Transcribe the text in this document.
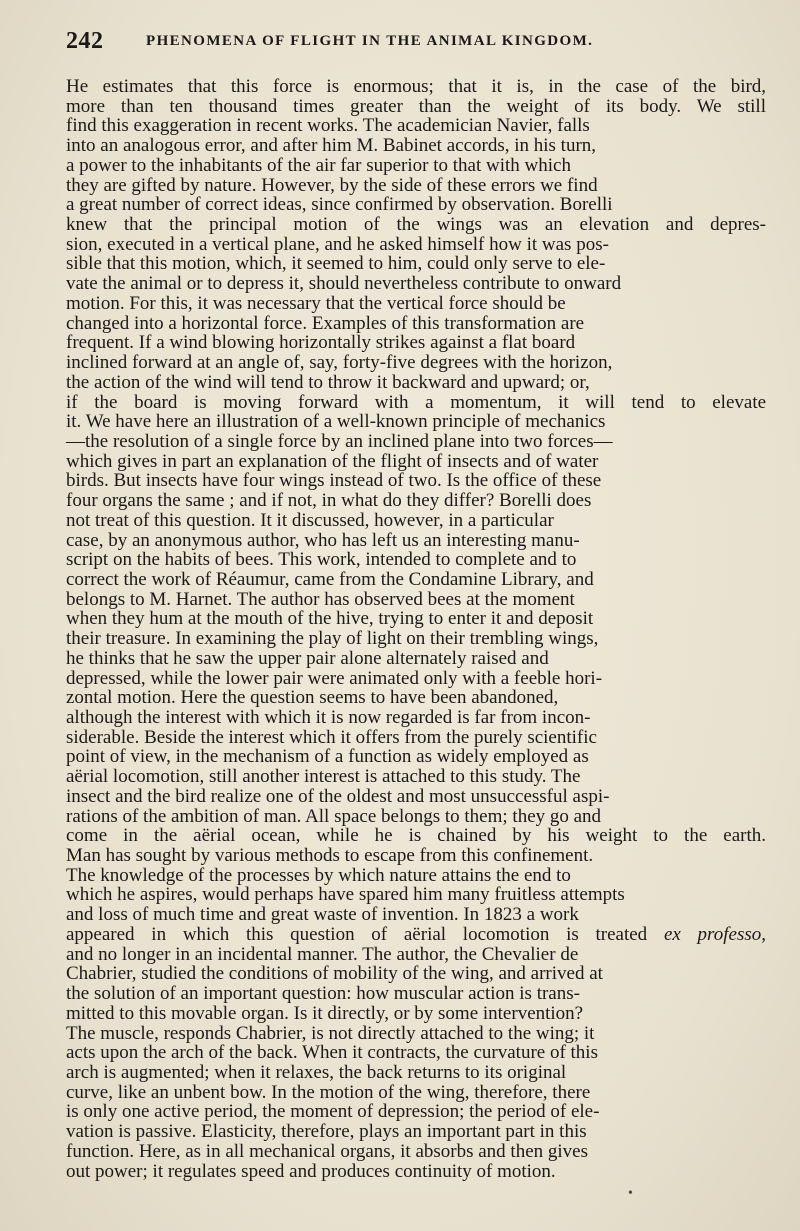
242	PHENOMENA OF FLIGHT IN THE ANIMAL KINGDOM.
He estimates that this force is enormous; that it is, in the case of the bird,
more than ten thousand times greater than the weight of its body. We still
find this exaggeration in recent works. The academician Navier, falls
into an analogous error, and after him M. Babinet accords, in his turn,
a power to the inhabitants of the air far superior to that with which
they are gifted by nature. However, by the side of these errors we find
a great number of correct ideas, since confirmed by observation. Borelli
knew that the principal motion of the wings was an elevation and depres-
sion, executed in a vertical plane, and he asked himself how it was pos-
sible that this motion, which, it seemed to him, could only serve to ele-
vate the animal or to depress it, should nevertheless contribute to onward
motion. For this, it was necessary that the vertical force should be
changed into a horizontal force. Examples of this transformation are
frequent. If a wind blowing horizontally strikes against a flat board
inclined forward at an angle of, say, forty-five degrees with the horizon,
the action of the wind will tend to throw it backward and upward; or,
if the board is moving forward with a momentum, it will tend to elevate
it. We have here an illustration of a well-known principle of mechanics
—the resolution of a single force by an inclined plane into two forces—
which gives in part an explanation of the flight of insects and of water
birds. But insects have four wings instead of two. Is the office of these
four organs the same ; and if not, in what do they differ? Borelli does
not treat of this question. It it discussed, however, in a particular
case, by an anonymous author, who has left us an interesting manu-
script on the habits of bees. This work, intended to complete and to
correct the work of Réaumur, came from the Condamine Library, and
belongs to M. Harnet. The author has observed bees at the moment
when they hum at the mouth of the hive, trying to enter it and deposit
their treasure. In examining the play of light on their trembling wings,
he thinks that he saw the upper pair alone alternately raised and
depressed, while the lower pair were animated only with a feeble hori-
zontal motion. Here the question seems to have been abandoned,
although the interest with which it is now regarded is far from incon-
siderable. Beside the interest which it offers from the purely scientific
point of view, in the mechanism of a function as widely employed as
aërial locomotion, still another interest is attached to this study. The
insect and the bird realize one of the oldest and most unsuccessful aspi-
rations of the ambition of man. All space belongs to them; they go and
come in the aërial ocean, while he is chained by his weight to the earth.
Man has sought by various methods to escape from this confinement.
The knowledge of the processes by which nature attains the end to
which he aspires, would perhaps have spared him many fruitless attempts
and loss of much time and great waste of invention. In 1823 a work
appeared in which this question of aërial locomotion is treated ex professo,
and no longer in an incidental manner. The author, the Chevalier de
Chabrier, studied the conditions of mobility of the wing, and arrived at
the solution of an important question: how muscular action is trans-
mitted to this movable organ. Is it directly, or by some intervention?
The muscle, responds Chabrier, is not directly attached to the wing; it
acts upon the arch of the back. When it contracts, the curvature of this
arch is augmented; when it relaxes, the back returns to its original
curve, like an unbent bow. In the motion of the wing, therefore, there
is only one active period, the moment of depression; the period of ele-
vation is passive. Elasticity, therefore, plays an important part in this
function. Here, as in all mechanical organs, it absorbs and then gives
out power; it regulates speed and produces continuity of motion.
•
